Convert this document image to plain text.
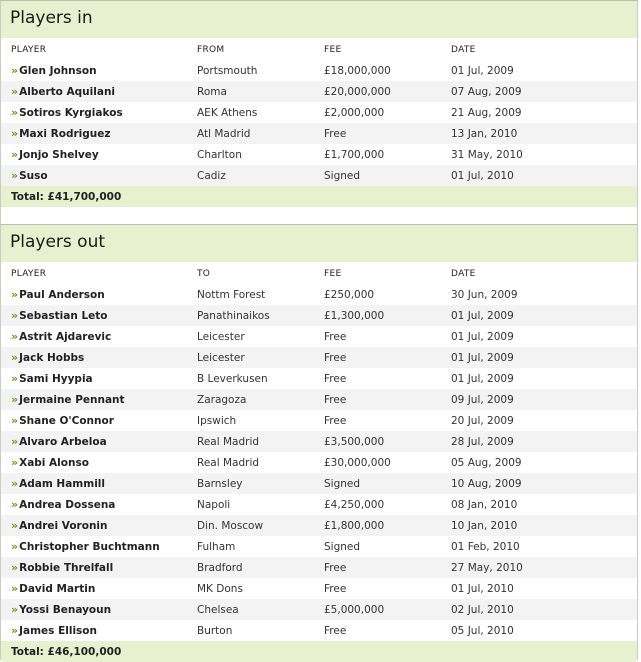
Players in
PLAYER	FROM	FEE	DATE
» Glen Johnson	Portsmouth	£18,000,000	01 Jul, 2009
» Alberto Aquilani	Roma	£20,000,000	07 Aug, 2009
» Sotiros Kyrgiakos	AEK Athens	£2,000,000	21 Aug, 2009
» Maxi Rodriguez	Atl Madrid	Free	13 Jan, 2010
» Jonjo Shelvey	Charlton	£1,700,000	31 May, 2010
» Suso	Cadiz	Signed	01 Jul, 2010
Total: £41,700,000			

Players out
PLAYER	TO	FEE	DATE
» Paul Anderson	Nottm Forest	£250,000	30 Jun, 2009
» Sebastian Leto	Panathinaikos	£1,300,000	01 Jul, 2009
» Astrit Ajdarevic	Leicester	Free	01 Jul, 2009
» Jack Hobbs	Leicester	Free	01 Jul, 2009
» Sami Hyypia	B Leverkusen	Free	01 Jul, 2009
» Jermaine Pennant	Zaragoza	Free	09 Jul, 2009
» Shane O'Connor	Ipswich	Free	20 Jul, 2009
» Alvaro Arbeloa	Real Madrid	£3,500,000	28 Jul, 2009
» Xabi Alonso	Real Madrid	£30,000,000	05 Aug, 2009
» Adam Hammill	Barnsley	Signed	10 Aug, 2009
» Andrea Dossena	Napoli	£4,250,000	08 Jan, 2010
» Andrei Voronin	Din. Moscow	£1,800,000	10 Jan, 2010
» Christopher Buchtmann	Fulham	Signed	01 Feb, 2010
» Robbie Threlfall	Bradford	Free	27 May, 2010
» David Martin	MK Dons	Free	01 Jul, 2010
» Yossi Benayoun	Chelsea	£5,000,000	02 Jul, 2010
» James Ellison	Burton	Free	05 Jul, 2010
Total: £46,100,000			
